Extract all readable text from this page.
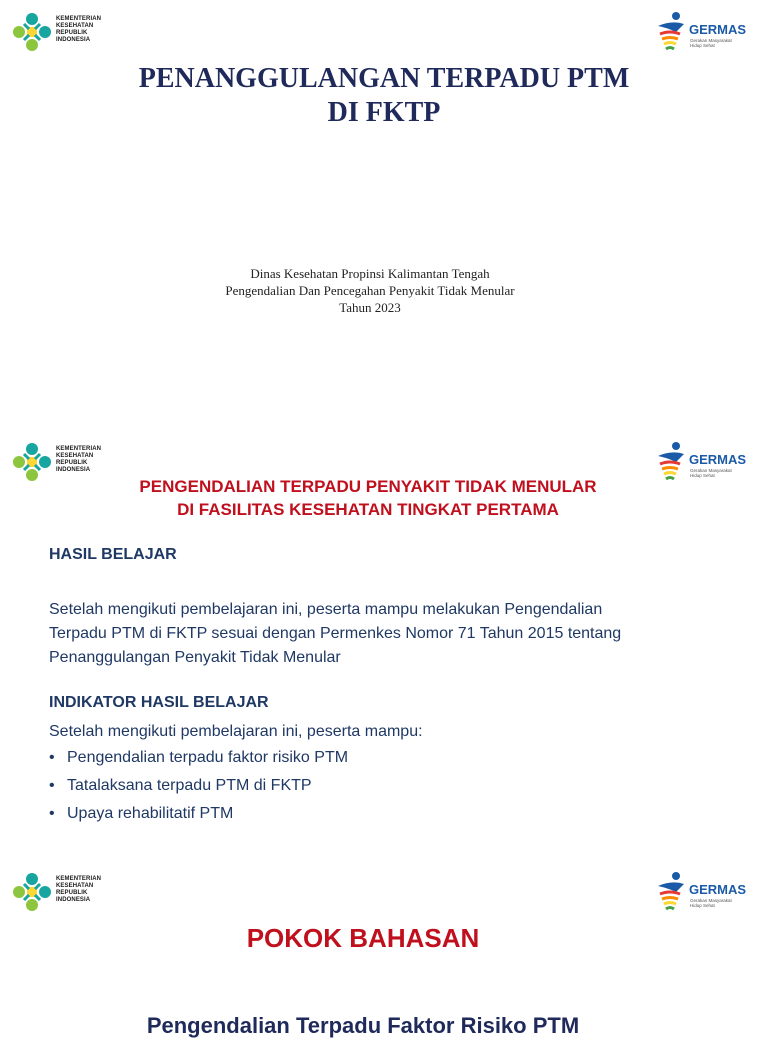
KEMENTERIAN
KESEHATAN
REPUBLIK
INDONESIA
GERMAS
Gerakan Masyarakat
Hidup Sehat
PENANGGULANGAN TERPADU PTM
DI FKTP
Dinas Kesehatan Propinsi Kalimantan Tengah
Pengendalian Dan Pencegahan Penyakit Tidak Menular
Tahun 2023
KEMENTERIAN
KESEHATAN
REPUBLIK
INDONESIA
GERMAS
Gerakan Masyarakat
Hidup Sehat
PENGENDALIAN TERPADU PENYAKIT TIDAK MENULAR
DI FASILITAS KESEHATAN TINGKAT PERTAMA

HASIL BELAJAR

Setelah mengikuti pembelajaran ini, peserta mampu melakukan Pengendalian

Terpadu PTM di FKTP sesuai dengan Permenkes Nomor 71 Tahun 2015 tentang

Penanggulangan Penyakit Tidak Menular

INDIKATOR HASIL BELAJAR

Setelah mengikuti pembelajaran ini, peserta mampu:

• Pengendalian terpadu faktor risiko PTM
• Tatalaksana terpadu PTM di FKTP
• Upaya rehabilitatif PTM
KEMENTERIAN
KESEHATAN
REPUBLIK
INDONESIA
GERMAS
Gerakan Masyarakat
Hidup Sehat
POKOK BAHASAN
Pengendalian Terpadu Faktor Risiko PTM
